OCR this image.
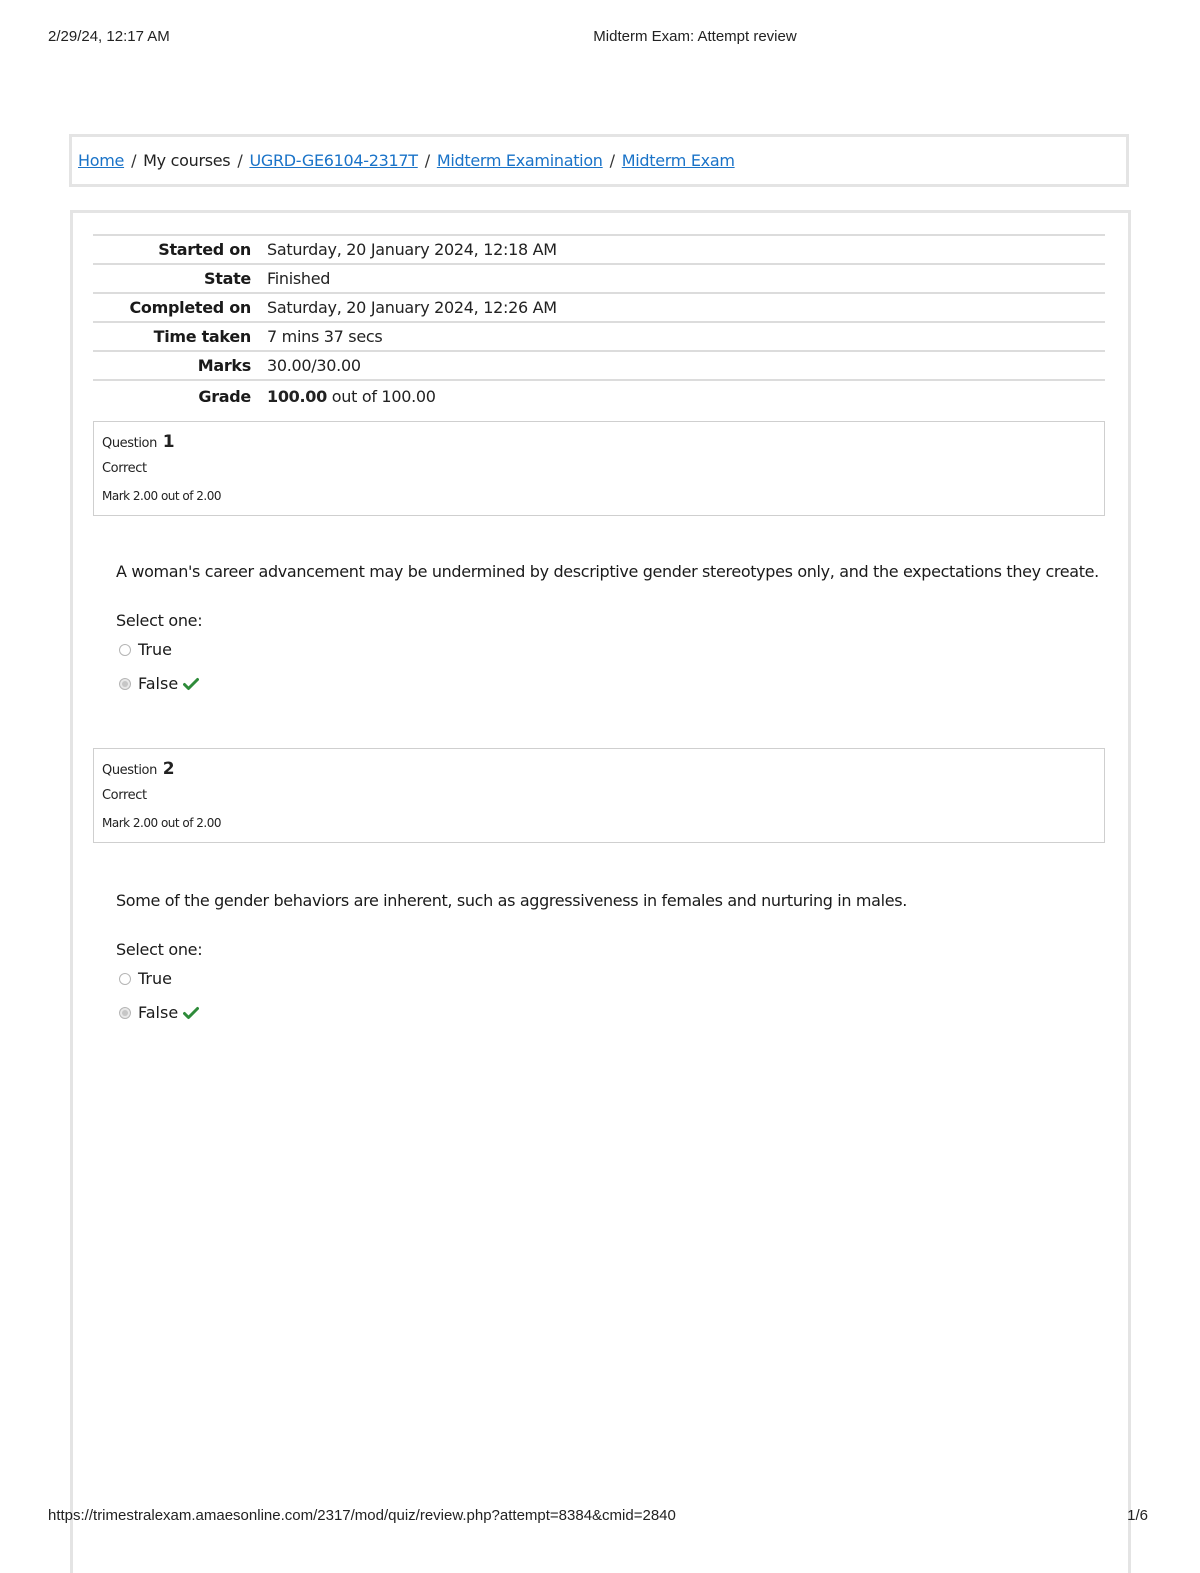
2/29/24, 12:17 AM	Midterm Exam: Attempt review
Home / My courses / UGRD-GE6104-2317T / Midterm Examination / Midterm Exam
Started on	Saturday, 20 January 2024, 12:18 AM
State	Finished
Completed on	Saturday, 20 January 2024, 12:26 AM
Time taken	7 mins 37 secs
Marks	30.00/30.00
Grade	100.00 out of 100.00
Question 1
Correct
Mark 2.00 out of 2.00
A woman's career advancement may be undermined by descriptive gender stereotypes only, and the expectations they create.
Select one:
True
False
Question 2
Correct
Mark 2.00 out of 2.00
Some of the gender behaviors are inherent, such as aggressiveness in females and nurturing in males.
Select one:
True
False
https://trimestralexam.amaesonline.com/2317/mod/quiz/review.php?attempt=8384&cmid=2840	1/6
